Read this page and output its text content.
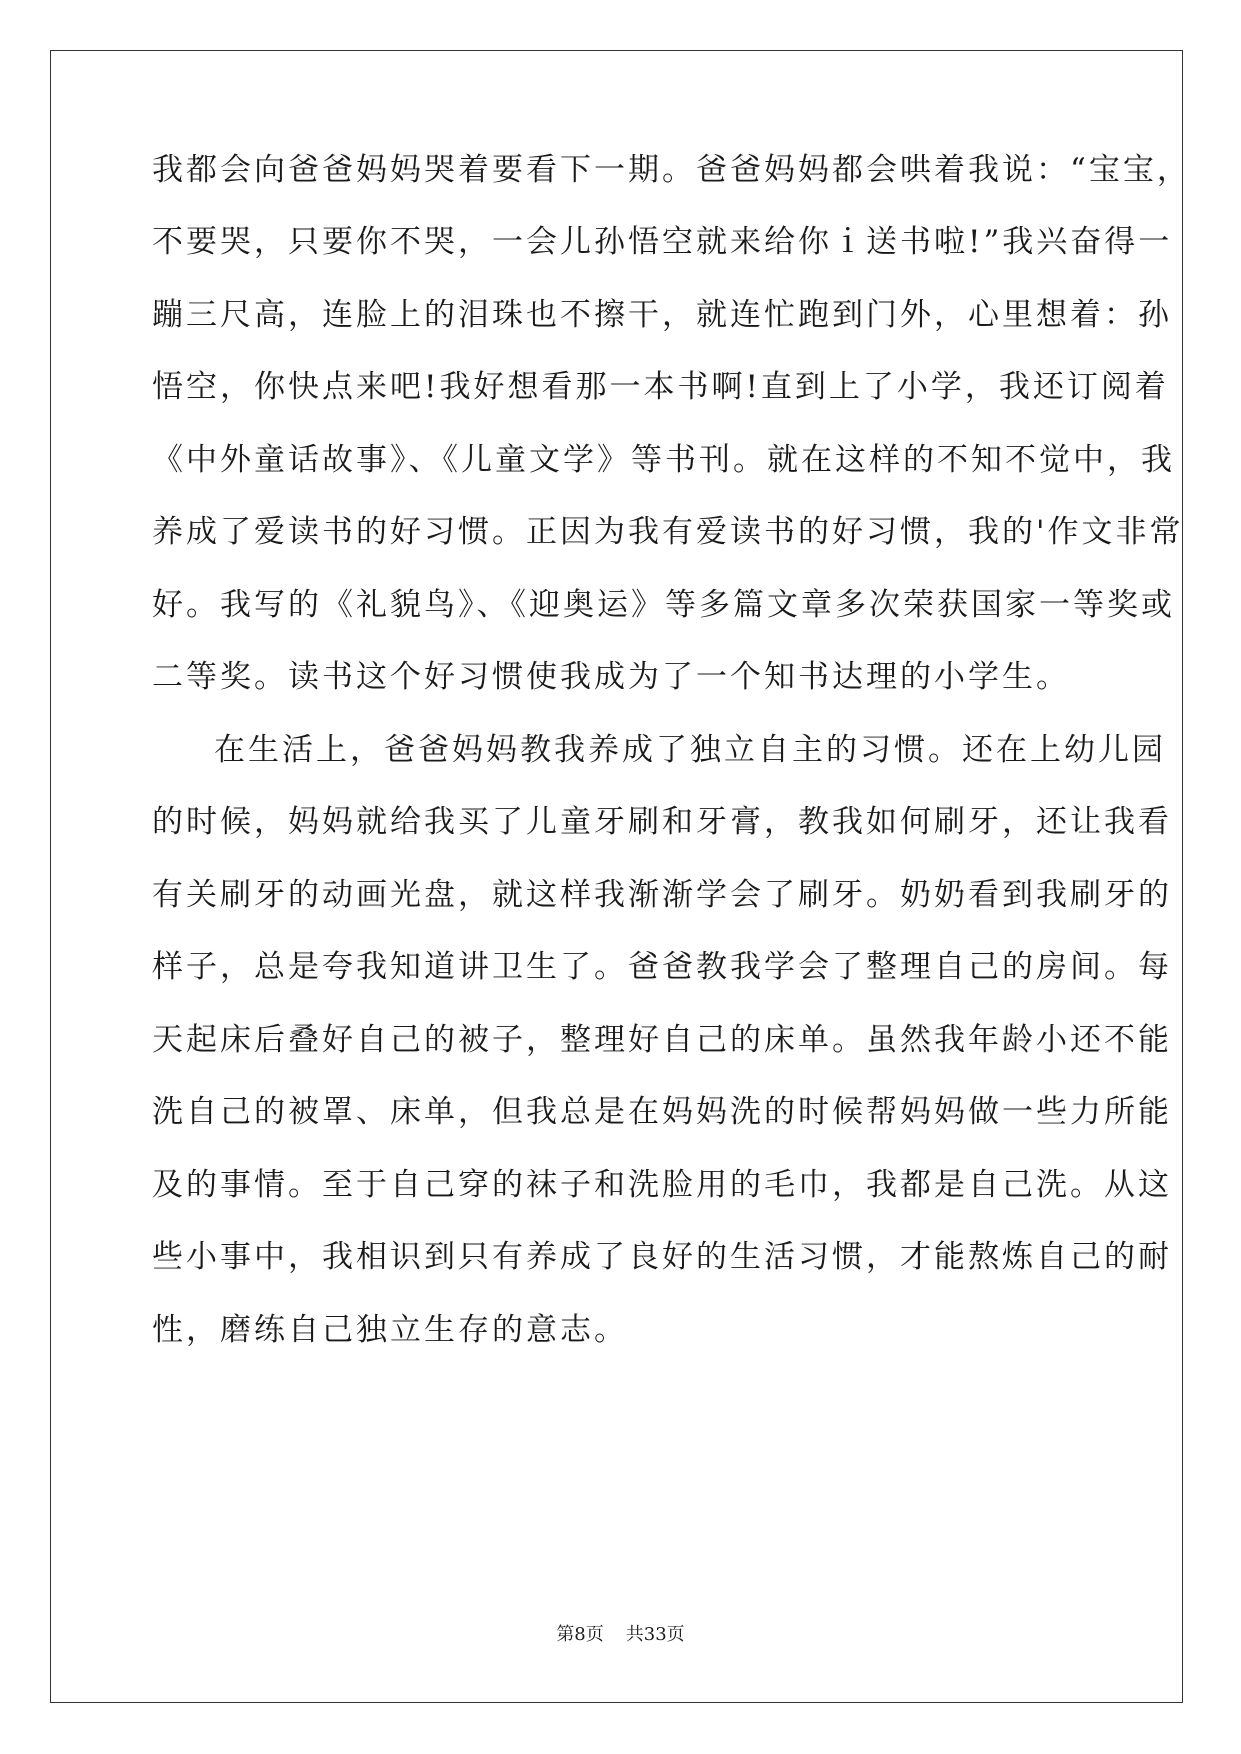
我都会向爸爸妈妈哭着要看下一期。爸爸妈妈都会哄着我说：“宝宝，
不要哭，只要你不哭，一会儿孙悟空就来给你ｉ送书啦!”我兴奋得一
蹦三尺高，连脸上的泪珠也不擦干，就连忙跑到门外，心里想着：孙
悟空，你快点来吧!我好想看那一本书啊!直到上了小学，我还订阅着
《中外童话故事》、《儿童文学》等书刊。就在这样的不知不觉中，我
养成了爱读书的好习惯。正因为我有爱读书的好习惯，我的'作文非常
好。我写的《礼貌鸟》、《迎奥运》等多篇文章多次荣获国家一等奖或
二等奖。读书这个好习惯使我成为了一个知书达理的小学生。
在生活上，爸爸妈妈教我养成了独立自主的习惯。还在上幼儿园
的时候，妈妈就给我买了儿童牙刷和牙膏，教我如何刷牙，还让我看
有关刷牙的动画光盘，就这样我渐渐学会了刷牙。奶奶看到我刷牙的
样子，总是夸我知道讲卫生了。爸爸教我学会了整理自己的房间。每
天起床后叠好自己的被子，整理好自己的床单。虽然我年龄小还不能
洗自己的被罩、床单，但我总是在妈妈洗的时候帮妈妈做一些力所能
及的事情。至于自己穿的袜子和洗脸用的毛巾，我都是自己洗。从这
些小事中，我相识到只有养成了良好的生活习惯，才能熬炼自己的耐
性，磨练自己独立生存的意志。
第8页 共33页
